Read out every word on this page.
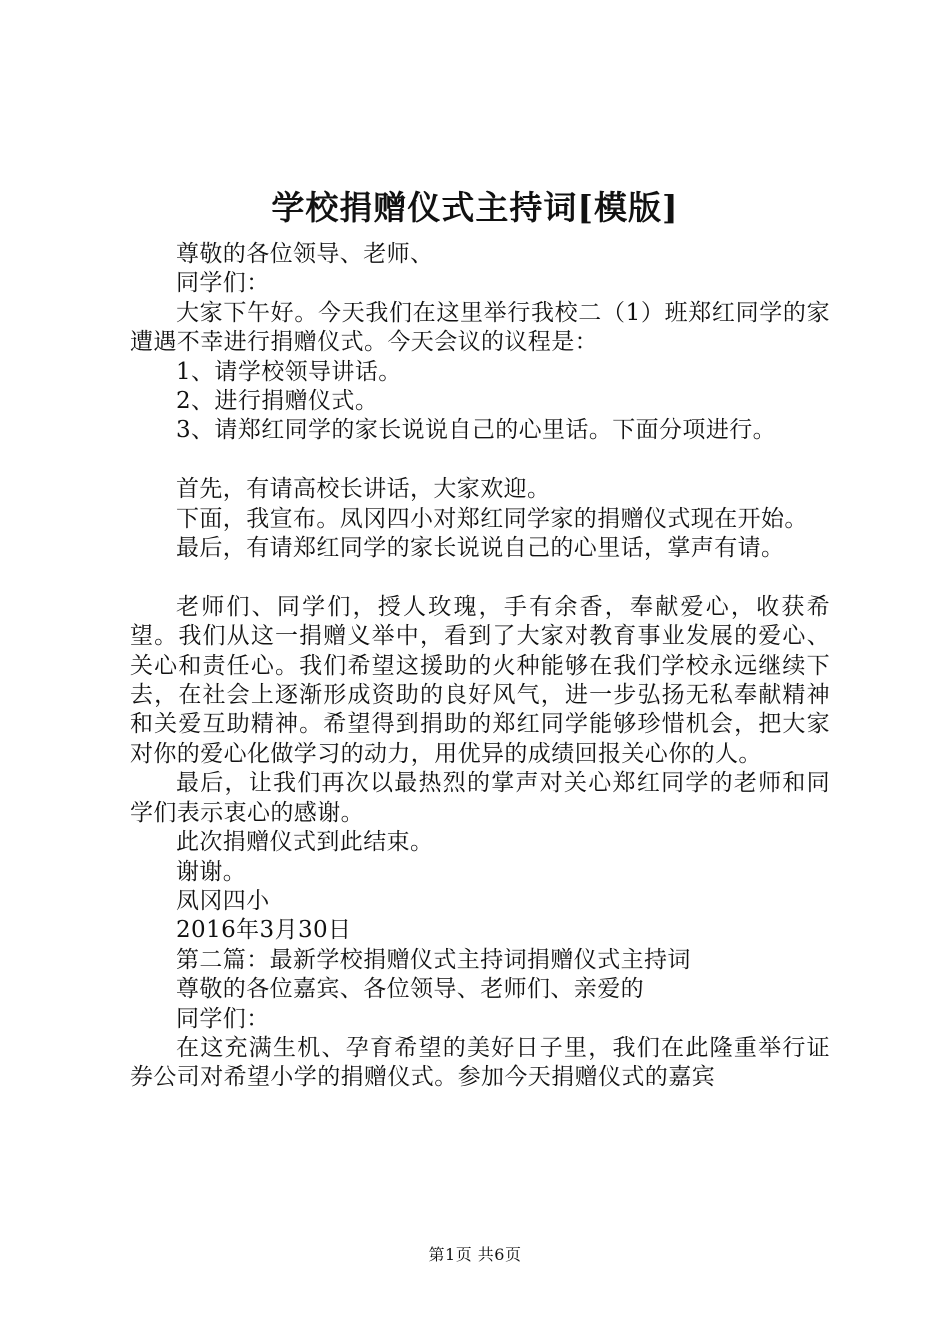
学校捐赠仪式主持词[模版]

尊敬的各位领导、老师、

同学们：

大家下午好。今天我们在这里举行我校二（1）班郑红同学的家遭遇不幸进行捐赠仪式。今天会议的议程是：

1、请学校领导讲话。

2、进行捐赠仪式。

3、请郑红同学的家长说说自己的心里话。下面分项进行。

首先，有请高校长讲话，大家欢迎。

下面，我宣布。凤冈四小对郑红同学家的捐赠仪式现在开始。

最后，有请郑红同学的家长说说自己的心里话，掌声有请。

老师们、同学们，授人玫瑰，手有余香，奉献爱心，收获希望。我们从这一捐赠义举中，看到了大家对教育事业发展的爱心、关心和责任心。我们希望这援助的火种能够在我们学校永远继续下去，在社会上逐渐形成资助的良好风气，进一步弘扬无私奉献精神和关爱互助精神。希望得到捐助的郑红同学能够珍惜机会，把大家对你的爱心化做学习的动力，用优异的成绩回报关心你的人。

最后，让我们再次以最热烈的掌声对关心郑红同学的老师和同学们表示衷心的感谢。

此次捐赠仪式到此结束。

谢谢。

凤冈四小

2016年3月30日

第二篇：最新学校捐赠仪式主持词捐赠仪式主持词

尊敬的各位嘉宾、各位领导、老师们、亲爱的

同学们：

在这充满生机、孕育希望的美好日子里，我们在此隆重举行证券公司对希望小学的捐赠仪式。参加今天捐赠仪式的嘉宾

第1页 共6页
